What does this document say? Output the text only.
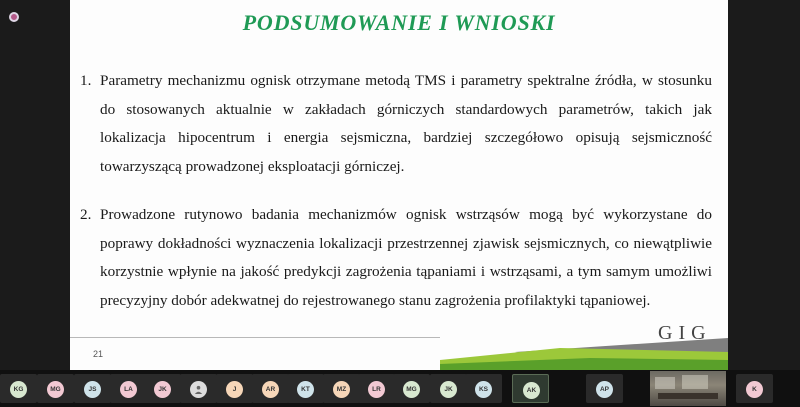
PODSUMOWANIE I WNIOSKI
1. Parametry mechanizmu ognisk otrzymane metodą TMS i parametry spektralne źródła, w stosunku do stosowanych aktualnie w zakładach górniczych standardowych parametrów, takich jak lokalizacja hipocentrum i energia sejsmiczna, bardziej szczegółowo opisują sejsmiczność towarzyszącą prowadzonej eksploatacji górniczej.
2. Prowadzone rutynowo badania mechanizmów ognisk wstrząsów mogą być wykorzystane do poprawy dokładności wyznaczenia lokalizacji przestrzennej zjawisk sejsmicznych, co niewątpliwie korzystnie wpłynie na jakość predykcji zagrożenia tąpaniami i wstrząsami, a tym samym umożliwi precyzyjny dobór adekwatnej do rejestrowanego stanu zagrożenia profilaktyki tąpaniowej.
21
GIG
KG	MG	JS	LA	JK	J	AR	KT	MZ	LR	MG	JK	KS	AK	AP	K
